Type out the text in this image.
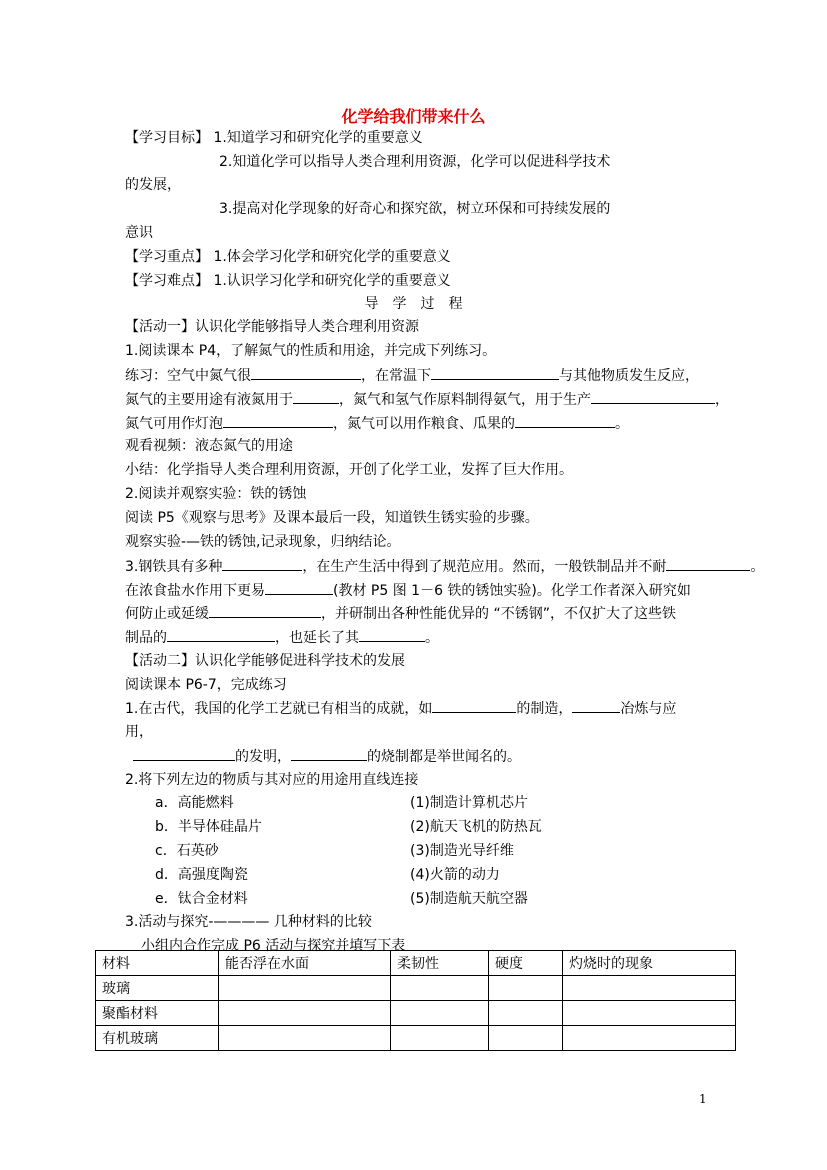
化学给我们带来什么
【学习目标】 1.知道学习和研究化学的重要意义
2.知道化学可以指导人类合理利用资源，化学可以促进科学技术
的发展，
3.提高对化学现象的好奇心和探究欲，树立环保和可持续发展的
意识
【学习重点】 1.体会学习化学和研究化学的重要意义
【学习难点】 1.认识学习化学和研究化学的重要意义
导　学　过　程
【活动一】认识化学能够指导人类合理利用资源
1.阅读课本 P4，了解氮气的性质和用途，并完成下列练习。
练习：空气中氮气很	，在常温下	与其他物质发生反应，
氮气的主要用途有液氮用于	，氮气和氢气作原料制得氨气，用于生产	，
氮气可用作灯泡	，氮气可以用作粮食、瓜果的	。
观看视频：液态氮气的用途
小结：化学指导人类合理利用资源，开创了化学工业，发挥了巨大作用。
2.阅读并观察实验：铁的锈蚀
阅读 P5《观察与思考》及课本最后一段，知道铁生锈实验的步骤。
观察实验-—铁的锈蚀,记录现象，归纳结论。
3.钢铁具有多种	，在生产生活中得到了规范应用。然而，一般铁制品并不耐	。
在浓食盐水作用下更易	(教材 P5 图 1－6 铁的锈蚀实验)。化学工作者深入研究如
何防止或延缓	，并研制出各种性能优异的 “不锈钢”，不仅扩大了这些铁
制品的	，也延长了其	。
【活动二】认识化学能够促进科学技术的发展
阅读课本 P6-7，完成练习
1.在古代，我国的化学工艺就已有相当的成就，如	的制造，	冶炼与应
用，
的发明，	的烧制都是举世闻名的。
2.将下列左边的物质与其对应的用途用直线连接
a．高能燃料
b．半导体硅晶片
c．石英砂
d．高强度陶瓷
e．钛合金材料
(1)制造计算机芯片
(2)航天飞机的防热瓦
(3)制造光导纤维
(4)火箭的动力
(5)制造航天航空器
3.活动与探究-———— 几种材料的比较
小组内合作完成 P6 活动与探究并填写下表
材料	能否浮在水面	柔韧性	硬度	灼烧时的现象
玻璃				
聚酯材料				
有机玻璃				
1
